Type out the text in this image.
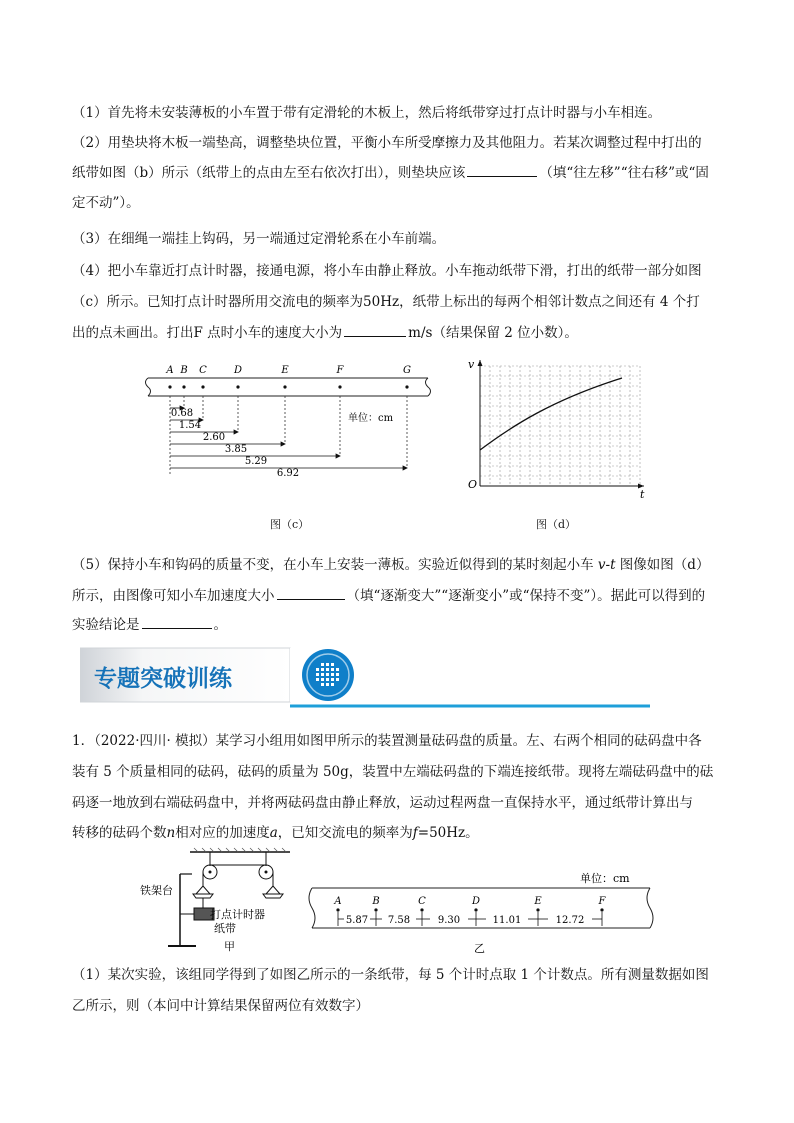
（1）首先将未安装薄板的小车置于带有定滑轮的木板上，然后将纸带穿过打点计时器与小车相连。

（2）用垫块将木板一端垫高，调整垫块位置，平衡小车所受摩擦力及其他阻力。若某次调整过程中打出的

纸带如图（b）所示（纸带上的点由左至右依次打出），则垫块应该	（填“往左移”“往右移”或“固

定不动”）。

（3）在细绳一端挂上钩码，另一端通过定滑轮系在小车前端。

（4）把小车靠近打点计时器，接通电源，将小车由静止释放。小车拖动纸带下滑，打出的纸带一部分如图

（c）所示。已知打点计时器所用交流电的频率为50Hz，纸带上标出的每两个相邻计数点之间还有 4 个打

出的点未画出。打出F 点时小车的速度大小为	m/s（结果保留 2 位小数）。

A B C	D	E	F	G
0.68
1.54
2.60
3.85
5.29
6.92
单位：cm
v
t
O
图（c）	图（d）

（5）保持小车和钩码的质量不变，在小车上安装一薄板。实验近似得到的某时刻起小车 v-t 图像如图（d）

所示，由图像可知小车加速度大小	（填“逐渐变大”“逐渐变小”或“保持不变”）。据此可以得到的

实验结论是	。

专题突破训练

1．（2022·四川· 模拟）某学习小组用如图甲所示的装置测量砝码盘的质量。左、右两个相同的砝码盘中各

装有 5 个质量相同的砝码，砝码的质量为 50g，装置中左端砝码盘的下端连接纸带。现将左端砝码盘中的砝

码逐一地放到右端砝码盘中，并将两砝码盘由静止释放，运动过程两盘一直保持水平，通过纸带计算出与

转移的砝码个数n相对应的加速度a，已知交流电的频率为f=50Hz。

铁架台
打点计时器
纸带
甲
单位：cm
A	B	C	D	E	F
5.87 7.58	9.30	11.01	12.72
乙

（1）某次实验，该组同学得到了如图乙所示的一条纸带，每 5 个计时点取 1 个计数点。所有测量数据如图

乙所示，则（本问中计算结果保留两位有效数字）
